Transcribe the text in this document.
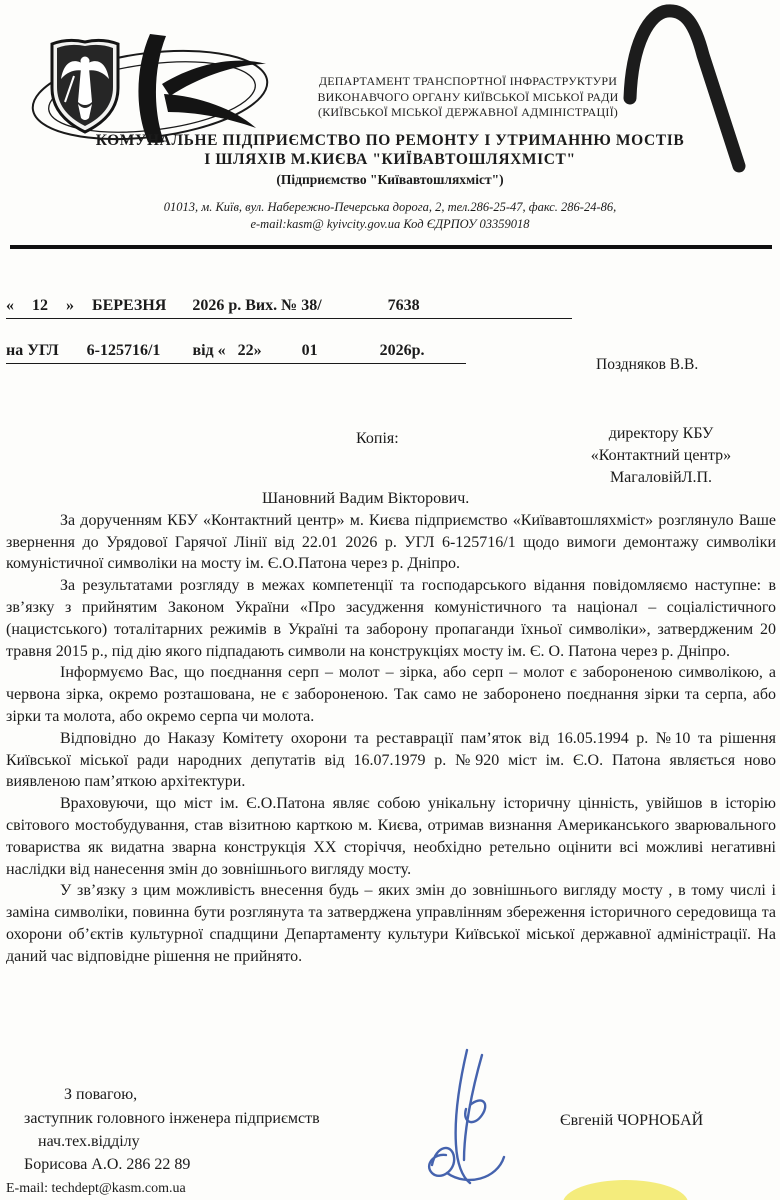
ДЕПАРТАМЕНТ ТРАНСПОРТНОЇ ІНФРАСТРУКТУРИ
ВИКОНАВЧОГО ОРГАНУ КИЇВСЬКОЇ МІСЬКОЇ РАДИ
(КИЇВСЬКОЇ МІСЬКОЇ ДЕРЖАВНОЇ АДМІНІСТРАЦІЇ)
КОМУНАЛЬНЕ ПІДПРИЄМСТВО ПО РЕМОНТУ І УТРИМАННЮ МОСТІВ
І ШЛЯХІВ М.КИЄВА "КИЇВАВТОШЛЯХМІСТ"
(Підприємство "Київавтошляхміст")
01013, м. Київ, вул. Набережно-Печерська дорога, 2, тел.286-25-47, факс. 286-24-86,
e-mail:kasm@ kyivcity.gov.ua Код ЄДРПОУ 03359018
« 12 » БЕРЕЗНЯ 2026 р. Вих. № 38/	7638
на УГЛ 6-125716/1 від « 22»	01	2026р.
Поздняков В.В.
Копія:	директору КБУ
«Контактний центр»
МагаловійЛ.П.
Шановний Вадим Вікторович.

За дорученням КБУ «Контактний центр» м. Києва підприємство «Київавтошляхміст» розглянуло Ваше звернення до Урядової Гарячої Лінії від 22.01 2026 р. УГЛ 6-125716/1 щодо вимоги демонтажу символіки комуністичної символіки на мосту ім. Є.О.Патона через р. Дніпро.

За результатами розгляду в межах компетенції та господарського відання повідомляємо наступне: в зв’язку з прийнятим Законом України «Про засудження комуністичного та націонал – соціалістичного (нацистського) тоталітарних режимів в Україні та заборону пропаганди їхньої символіки», затвердженим 20 травня 2015 р., під дію якого підпадають символи на конструкціях мосту ім. Є. О. Патона через р. Дніпро.

Інформуємо Вас, що поєднання серп – молот – зірка, або серп – молот є забороненою символікою, а червона зірка, окремо розташована, не є забороненою. Так само не заборонено поєднання зірки та серпа, або зірки та молота, або окремо серпа чи молота.

Відповідно до Наказу Комітету охорони та реставрації пам’яток від 16.05.1994 р. №10 та рішення Київської міської ради народних депутатів від 16.07.1979 р. №920 міст ім. Є.О. Патона являється ново виявленою пам’яткою архітектури.

Враховуючи, що міст ім. Є.О.Патона являє собою унікальну історичну цінність, увійшов в історію світового мостобудування, став візитною карткою м. Києва, отримав визнання Американського зварювального товариства як видатна зварна конструкція ХХ сторіччя, необхідно ретельно оцінити всі можливі негативні наслідки від нанесення змін до зовнішнього вигляду мосту.

У зв’язку з цим можливість внесення будь – яких змін до зовнішнього вигляду мосту , в тому числі і заміна символіки, повинна бути розглянута та затверджена управлінням збереження історичного середовища та охорони об’єктів культурної спадщини Департаменту культури Київської міської державної адміністрації. На даний час відповідне рішення не прийнято.

З повагою,
заступник головного інженера підприємств
нач.тех.відділу
Борисова А.О. 286 22 89
E-mail: techdept@kasm.com.ua
Євгеній ЧОРНОБАЙ
